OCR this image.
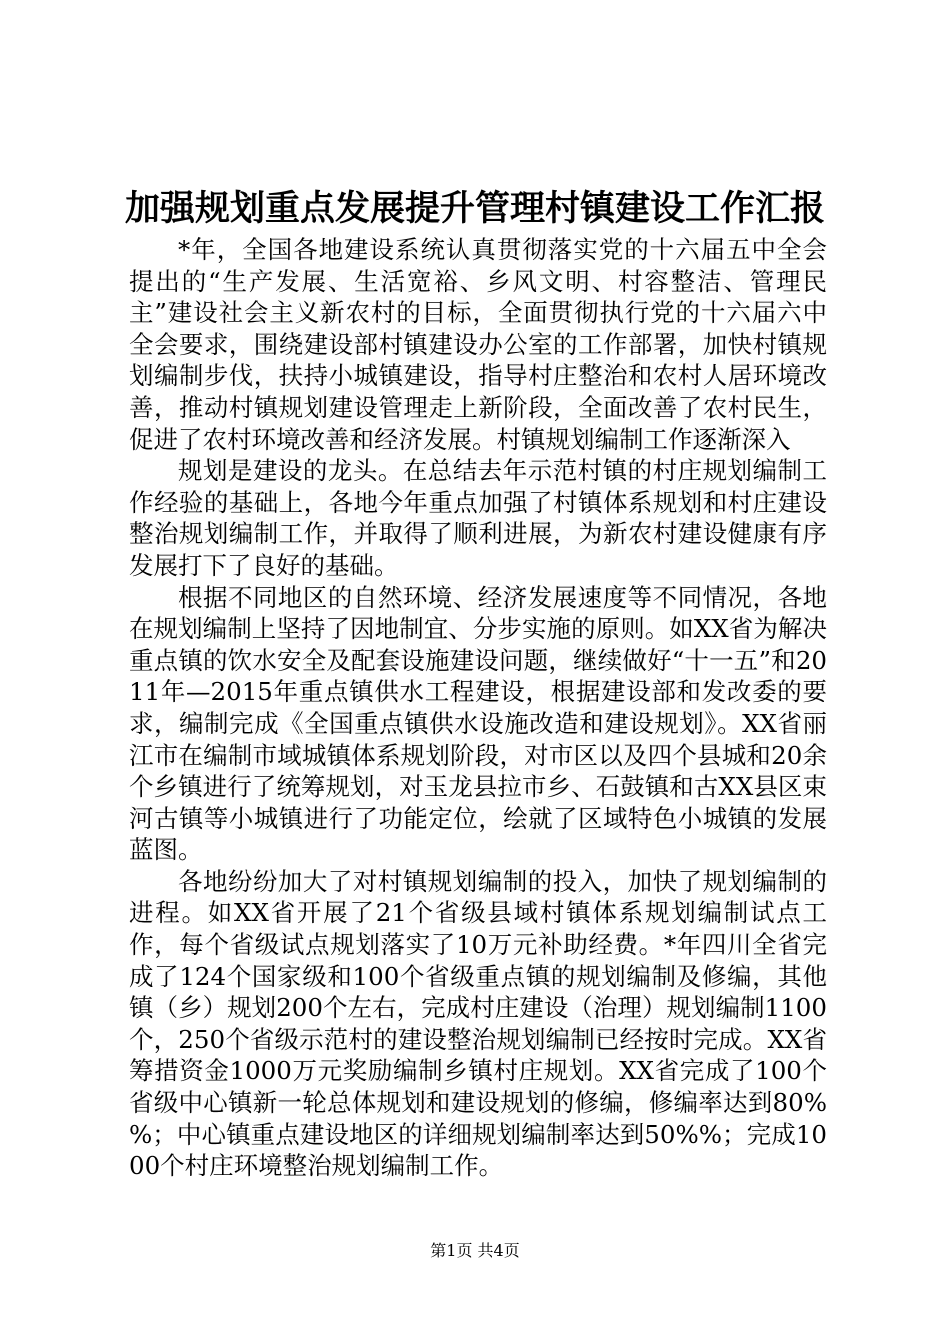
加强规划重点发展提升管理村镇建设工作汇报

*年，全国各地建设系统认真贯彻落实党的十六届五中全会提出的“生产发展、生活宽裕、乡风文明、村容整洁、管理民主”建设社会主义新农村的目标，全面贯彻执行党的十六届六中全会要求，围绕建设部村镇建设办公室的工作部署，加快村镇规划编制步伐，扶持小城镇建设，指导村庄整治和农村人居环境改善，推动村镇规划建设管理走上新阶段，全面改善了农村民生，促进了农村环境改善和经济发展。村镇规划编制工作逐渐深入

规划是建设的龙头。在总结去年示范村镇的村庄规划编制工作经验的基础上，各地今年重点加强了村镇体系规划和村庄建设整治规划编制工作，并取得了顺利进展，为新农村建设健康有序发展打下了良好的基础。

根据不同地区的自然环境、经济发展速度等不同情况，各地在规划编制上坚持了因地制宜、分步实施的原则。如XX省为解决重点镇的饮水安全及配套设施建设问题，继续做好“十一五”和2011年—2015年重点镇供水工程建设，根据建设部和发改委的要求，编制完成《全国重点镇供水设施改造和建设规划》。XX省丽江市在编制市域城镇体系规划阶段，对市区以及四个县城和20余个乡镇进行了统筹规划，对玉龙县拉市乡、石鼓镇和古XX县区束河古镇等小城镇进行了功能定位，绘就了区域特色小城镇的发展蓝图。

各地纷纷加大了对村镇规划编制的投入，加快了规划编制的进程。如XX省开展了21个省级县域村镇体系规划编制试点工作，每个省级试点规划落实了10万元补助经费。*年四川全省完成了124个国家级和100个省级重点镇的规划编制及修编，其他镇（乡）规划200个左右，完成村庄建设（治理）规划编制1100个，250个省级示范村的建设整治规划编制已经按时完成。XX省筹措资金1000万元奖励编制乡镇村庄规划。XX省完成了100个省级中心镇新一轮总体规划和建设规划的修编，修编率达到80%%；中心镇重点建设地区的详细规划编制率达到50%%；完成1000个村庄环境整治规划编制工作。

第1页 共4页
